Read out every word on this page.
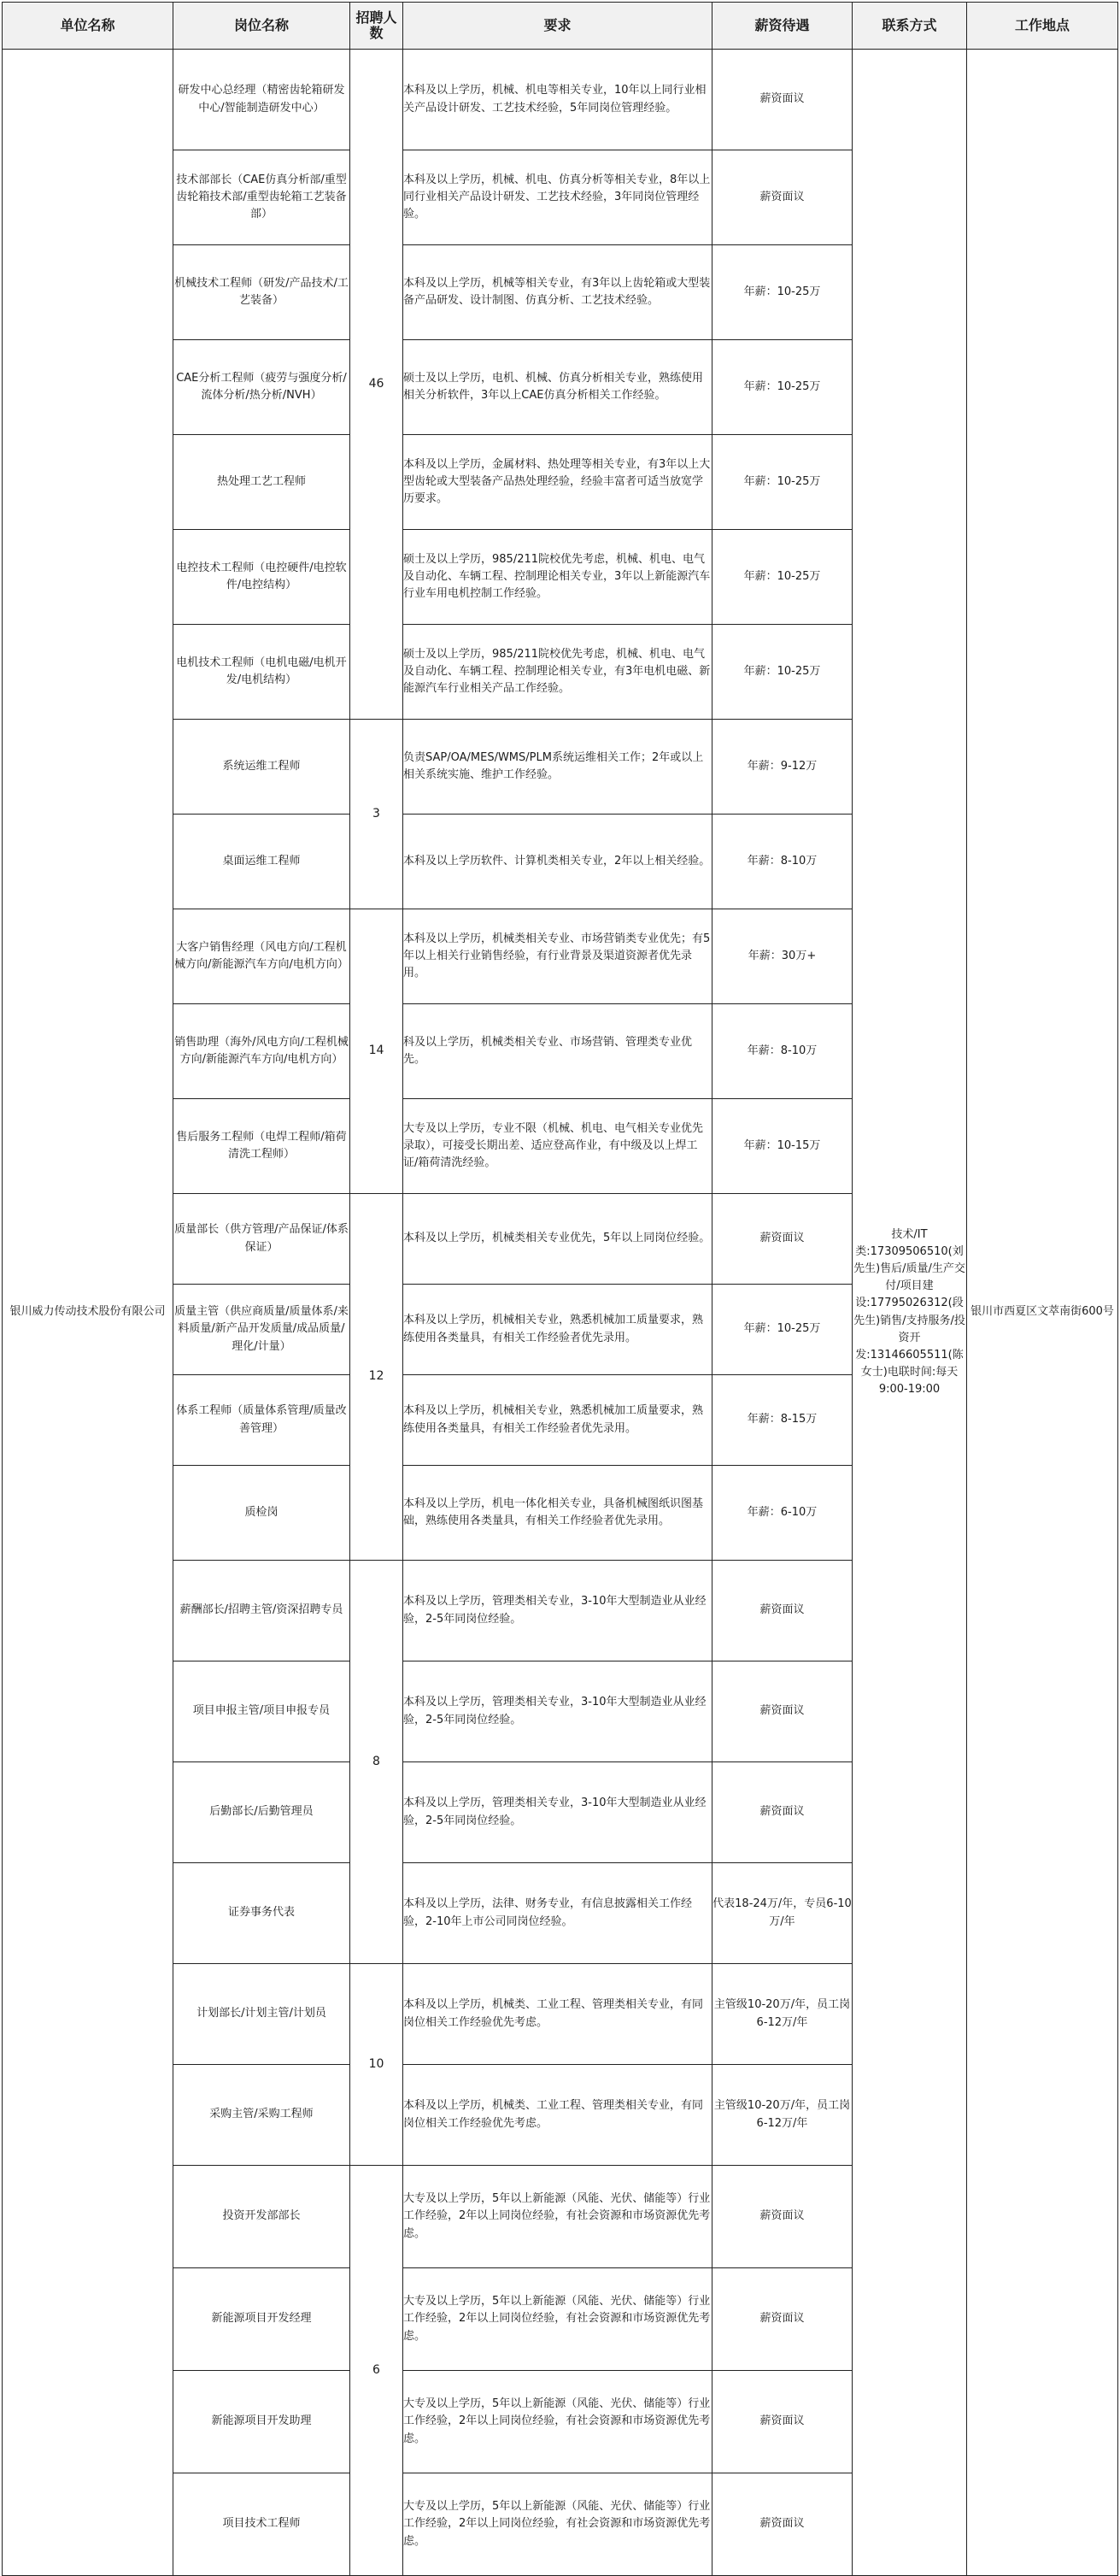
单位名称	岗位名称	招聘人数	要求	薪资待遇	联系方式	工作地点
银川威力传动技术股份有限公司	研发中心总经理（精密齿轮箱研发中心/智能制造研发中心）	46	本科及以上学历，机械、机电等相关专业，10年以上同行业相关产品设计研发、工艺技术经验，5年同岗位管理经验。	薪资面议	技术/IT类:17309506510(刘先生)售后/质量/生产交付/项目建设:17795026312(段先生)销售/支持服务/投资开发:13146605511(陈女士)电联时间:每天9:00-19:00	银川市西夏区文萃南街600号
	技术部部长（CAE仿真分析部/重型齿轮箱技术部/重型齿轮箱工艺装备部）		本科及以上学历，机械、机电、仿真分析等相关专业，8年以上同行业相关产品设计研发、工艺技术经验，3年同岗位管理经验。	薪资面议		
	机械技术工程师（研发/产品技术/工艺装备）		本科及以上学历，机械等相关专业，有3年以上齿轮箱或大型装备产品研发、设计制图、仿真分析、工艺技术经验。	年薪：10-25万		
	CAE分析工程师（疲劳与强度分析/流体分析/热分析/NVH）		硕士及以上学历，电机、机械、仿真分析相关专业，熟练使用相关分析软件，3年以上CAE仿真分析相关工作经验。	年薪：10-25万		
	热处理工艺工程师		本科及以上学历，金属材料、热处理等相关专业，有3年以上大型齿轮或大型装备产品热处理经验，经验丰富者可适当放宽学历要求。	年薪：10-25万		
	电控技术工程师（电控硬件/电控软件/电控结构）		硕士及以上学历，985/211院校优先考虑，机械、机电、电气及自动化、车辆工程、控制理论相关专业，3年以上新能源汽车行业车用电机控制工作经验。	年薪：10-25万		
	电机技术工程师（电机电磁/电机开发/电机结构）		硕士及以上学历，985/211院校优先考虑，机械、机电、电气及自动化、车辆工程、控制理论相关专业，有3年电机电磁、新能源汽车行业相关产品工作经验。	年薪：10-25万		
	系统运维工程师	3	负责SAP/OA/MES/WMS/PLM系统运维相关工作；2年或以上相关系统实施、维护工作经验。	年薪：9-12万		
	桌面运维工程师		本科及以上学历软件、计算机类相关专业，2年以上相关经验。	年薪：8-10万		
	大客户销售经理（风电方向/工程机械方向/新能源汽车方向/电机方向）	14	本科及以上学历，机械类相关专业、市场营销类专业优先；有5年以上相关行业销售经验，有行业背景及渠道资源者优先录用。	年薪：30万+		
	销售助理（海外/风电方向/工程机械方向/新能源汽车方向/电机方向）		科及以上学历，机械类相关专业、市场营销、管理类专业优先。	年薪：8-10万		
	售后服务工程师（电焊工程师/箱荷清洗工程师）		大专及以上学历，专业不限（机械、机电、电气相关专业优先录取），可接受长期出差、适应登高作业，有中级及以上焊工证/箱荷清洗经验。	年薪：10-15万		
	质量部长（供方管理/产品保证/体系保证）	12	本科及以上学历，机械类相关专业优先，5年以上同岗位经验。	薪资面议		
	质量主管（供应商质量/质量体系/来料质量/新产品开发质量/成品质量/理化/计量）		本科及以上学历，机械相关专业，熟悉机械加工质量要求，熟练使用各类量具，有相关工作经验者优先录用。	年薪：10-25万		
	体系工程师（质量体系管理/质量改善管理）		本科及以上学历，机械相关专业，熟悉机械加工质量要求，熟练使用各类量具，有相关工作经验者优先录用。	年薪：8-15万		
	质检岗		本科及以上学历，机电一体化相关专业，具备机械图纸识图基础，熟练使用各类量具，有相关工作经验者优先录用。	年薪：6-10万		
	薪酬部长/招聘主管/资深招聘专员	8	本科及以上学历，管理类相关专业，3-10年大型制造业从业经验，2-5年同岗位经验。	薪资面议		
	项目申报主管/项目申报专员		本科及以上学历，管理类相关专业，3-10年大型制造业从业经验，2-5年同岗位经验。	薪资面议		
	后勤部长/后勤管理员		本科及以上学历，管理类相关专业，3-10年大型制造业从业经验，2-5年同岗位经验。	薪资面议		
	证券事务代表		本科及以上学历，法律、财务专业，有信息披露相关工作经验，2-10年上市公司同岗位经验。	代表18-24万/年，专员6-10万/年		
	计划部长/计划主管/计划员	10	本科及以上学历，机械类、工业工程、管理类相关专业，有同岗位相关工作经验优先考虑。	主管级10-20万/年，员工岗6-12万/年		
	采购主管/采购工程师		本科及以上学历，机械类、工业工程、管理类相关专业，有同岗位相关工作经验优先考虑。	主管级10-20万/年，员工岗6-12万/年		
	投资开发部部长	6	大专及以上学历，5年以上新能源（风能、光伏、储能等）行业工作经验，2年以上同岗位经验，有社会资源和市场资源优先考虑。	薪资面议		
	新能源项目开发经理		大专及以上学历，5年以上新能源（风能、光伏、储能等）行业工作经验，2年以上同岗位经验，有社会资源和市场资源优先考虑。	薪资面议		
	新能源项目开发助理		大专及以上学历，5年以上新能源（风能、光伏、储能等）行业工作经验，2年以上同岗位经验，有社会资源和市场资源优先考虑。	薪资面议		
	项目技术工程师		大专及以上学历，5年以上新能源（风能、光伏、储能等）行业工作经验，2年以上同岗位经验，有社会资源和市场资源优先考虑。	薪资面议		
